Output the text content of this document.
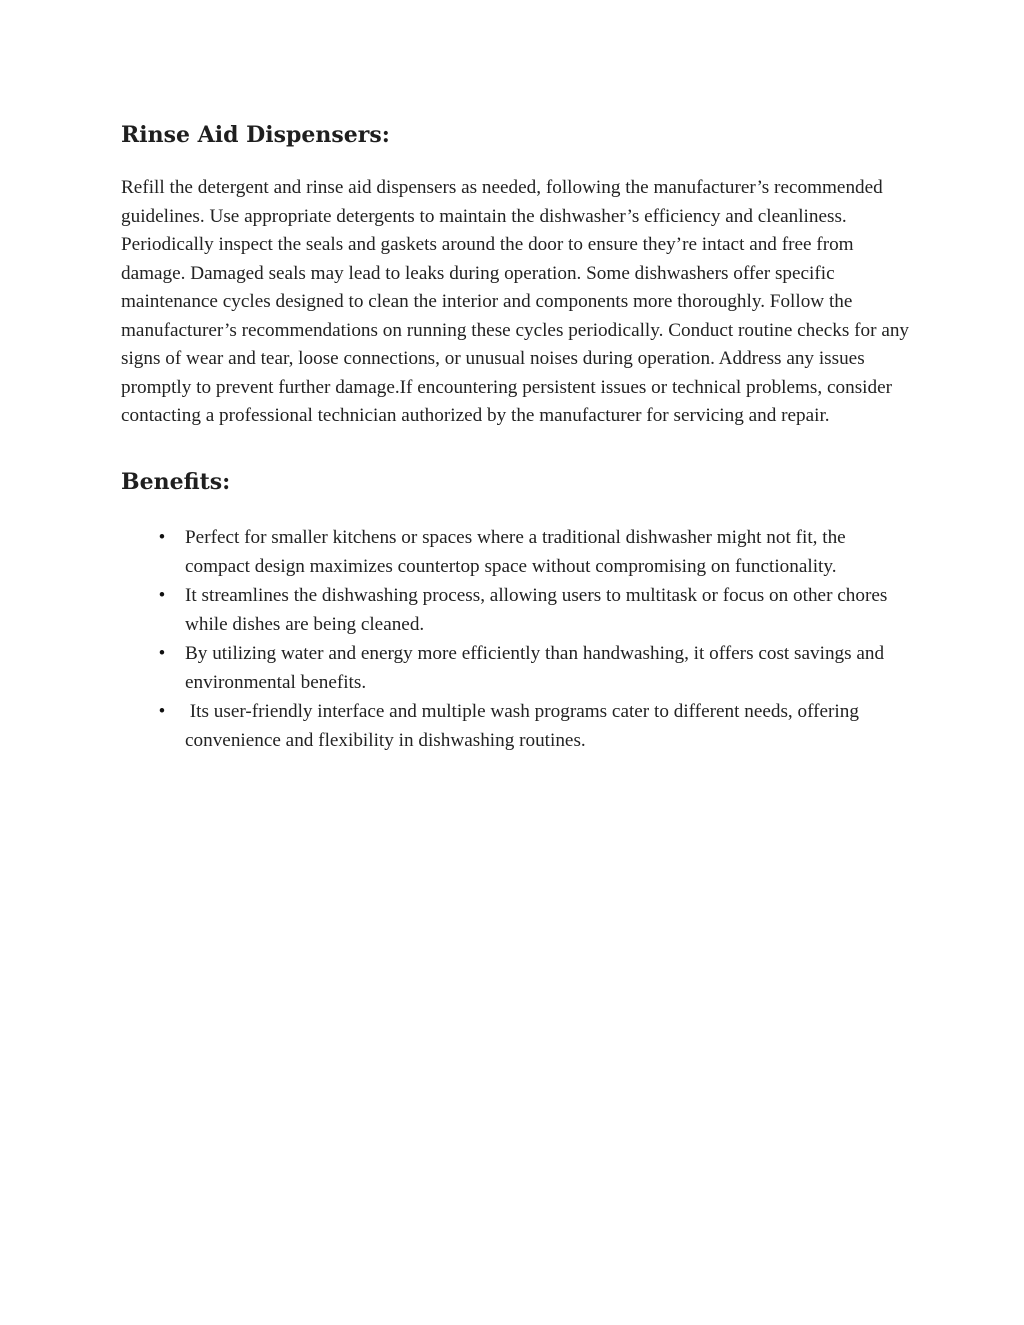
Rinse Aid Dispensers:

Refill the detergent and rinse aid dispensers as needed, following the manufacturer’s recommended guidelines. Use appropriate detergents to maintain the dishwasher’s efficiency and cleanliness. Periodically inspect the seals and gaskets around the door to ensure they’re intact and free from damage. Damaged seals may lead to leaks during operation. Some dishwashers offer specific maintenance cycles designed to clean the interior and components more thoroughly. Follow the manufacturer’s recommendations on running these cycles periodically. Conduct routine checks for any signs of wear and tear, loose connections, or unusual noises during operation. Address any issues promptly to prevent further damage.If encountering persistent issues or technical problems, consider contacting a professional technician authorized by the manufacturer for servicing and repair.

Benefits:
• Perfect for smaller kitchens or spaces where a traditional dishwasher might not fit, the compact design maximizes countertop space without compromising on functionality.
• It streamlines the dishwashing process, allowing users to multitask or focus on other chores while dishes are being cleaned.
• By utilizing water and energy more efficiently than handwashing, it offers cost savings and environmental benefits.
• Its user-friendly interface and multiple wash programs cater to different needs, offering convenience and flexibility in dishwashing routines.
